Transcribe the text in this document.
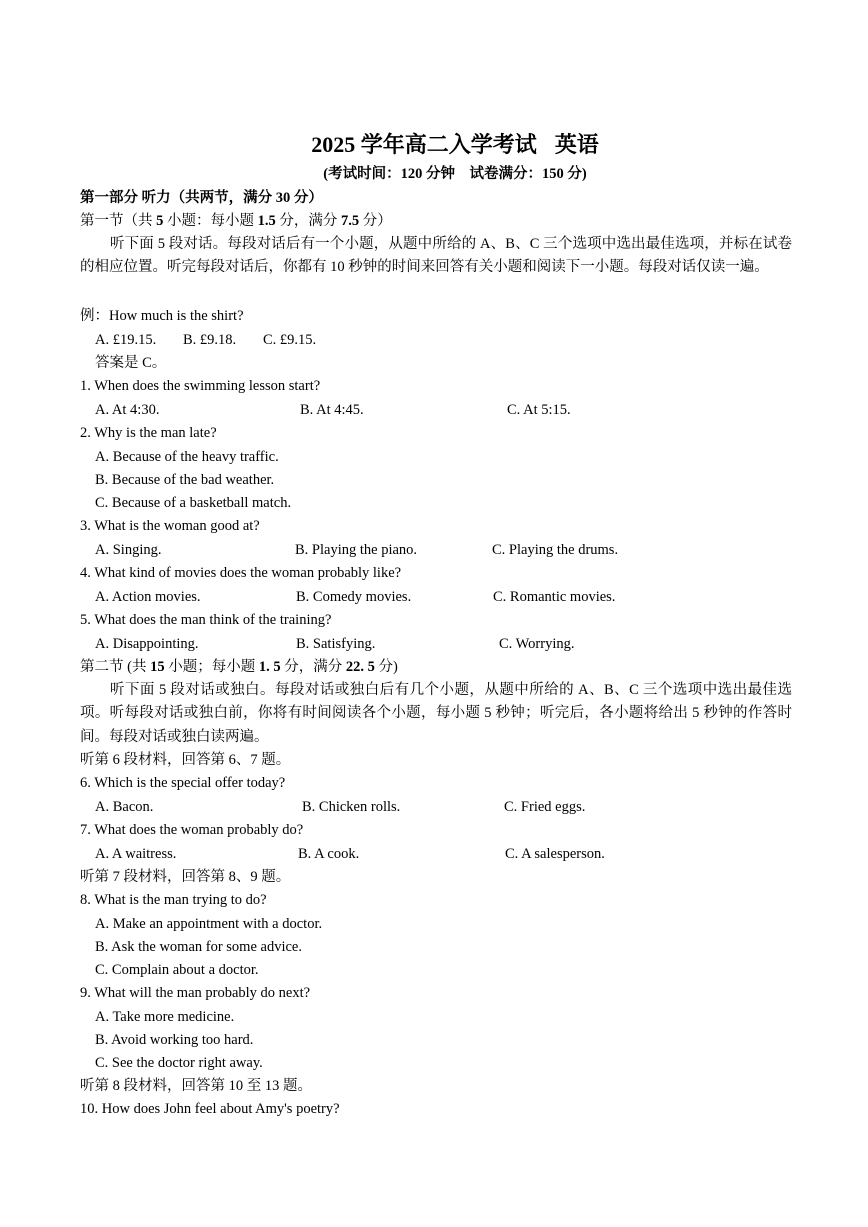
2025 学年高二入学考试 英语
(考试时间：120 分钟　试卷满分：150 分)
第一部分 听力（共两节，满分 30 分）
第一节（共 5 小题：每小题 1.5 分，满分 7.5 分）
听下面 5 段对话。每段对话后有一个小题，从题中所给的 A、B、C 三个选项中选出最佳选项，并标在试卷的相应位置。听完每段对话后，你都有 10 秒钟的时间来回答有关小题和阅读下一小题。每段对话仅读一遍。
例：How much is the shirt?
A. £19.15. B. £9.18. C. £9.15.
答案是 C。
1. When does the swimming lesson start?
A. At 4:30.	B. At 4:45.	C. At 5:15.
2. Why is the man late?
A. Because of the heavy traffic.
B. Because of the bad weather.
C. Because of a basketball match.
3. What is the woman good at?
A. Singing.	B. Playing the piano.	C. Playing the drums.
4. What kind of movies does the woman probably like?
A. Action movies.	B. Comedy movies.	C. Romantic movies.
5. What does the man think of the training?
A. Disappointing.	B. Satisfying.	C. Worrying.
第二节 (共 15 小题；每小题 1. 5 分，满分 22. 5 分)
听下面 5 段对话或独白。每段对话或独白后有几个小题，从题中所给的 A、B、C 三个选项中选出最佳选项。听每段对话或独白前，你将有时间阅读各个小题，每小题 5 秒钟；听完后，各小题将给出 5 秒钟的作答时间。每段对话或独白读两遍。
听第 6 段材料，回答第 6、7 题。
6. Which is the special offer today?
A. Bacon.	B. Chicken rolls.	C. Fried eggs.
7. What does the woman probably do?
A. A waitress.	B. A cook.	C. A salesperson.
听第 7 段材料，回答第 8、9 题。
8. What is the man trying to do?
A. Make an appointment with a doctor.
B. Ask the woman for some advice.
C. Complain about a doctor.
9. What will the man probably do next?
A. Take more medicine.
B. Avoid working too hard.
C. See the doctor right away.
听第 8 段材料，回答第 10 至 13 题。
10. How does John feel about Amy's poetry?
